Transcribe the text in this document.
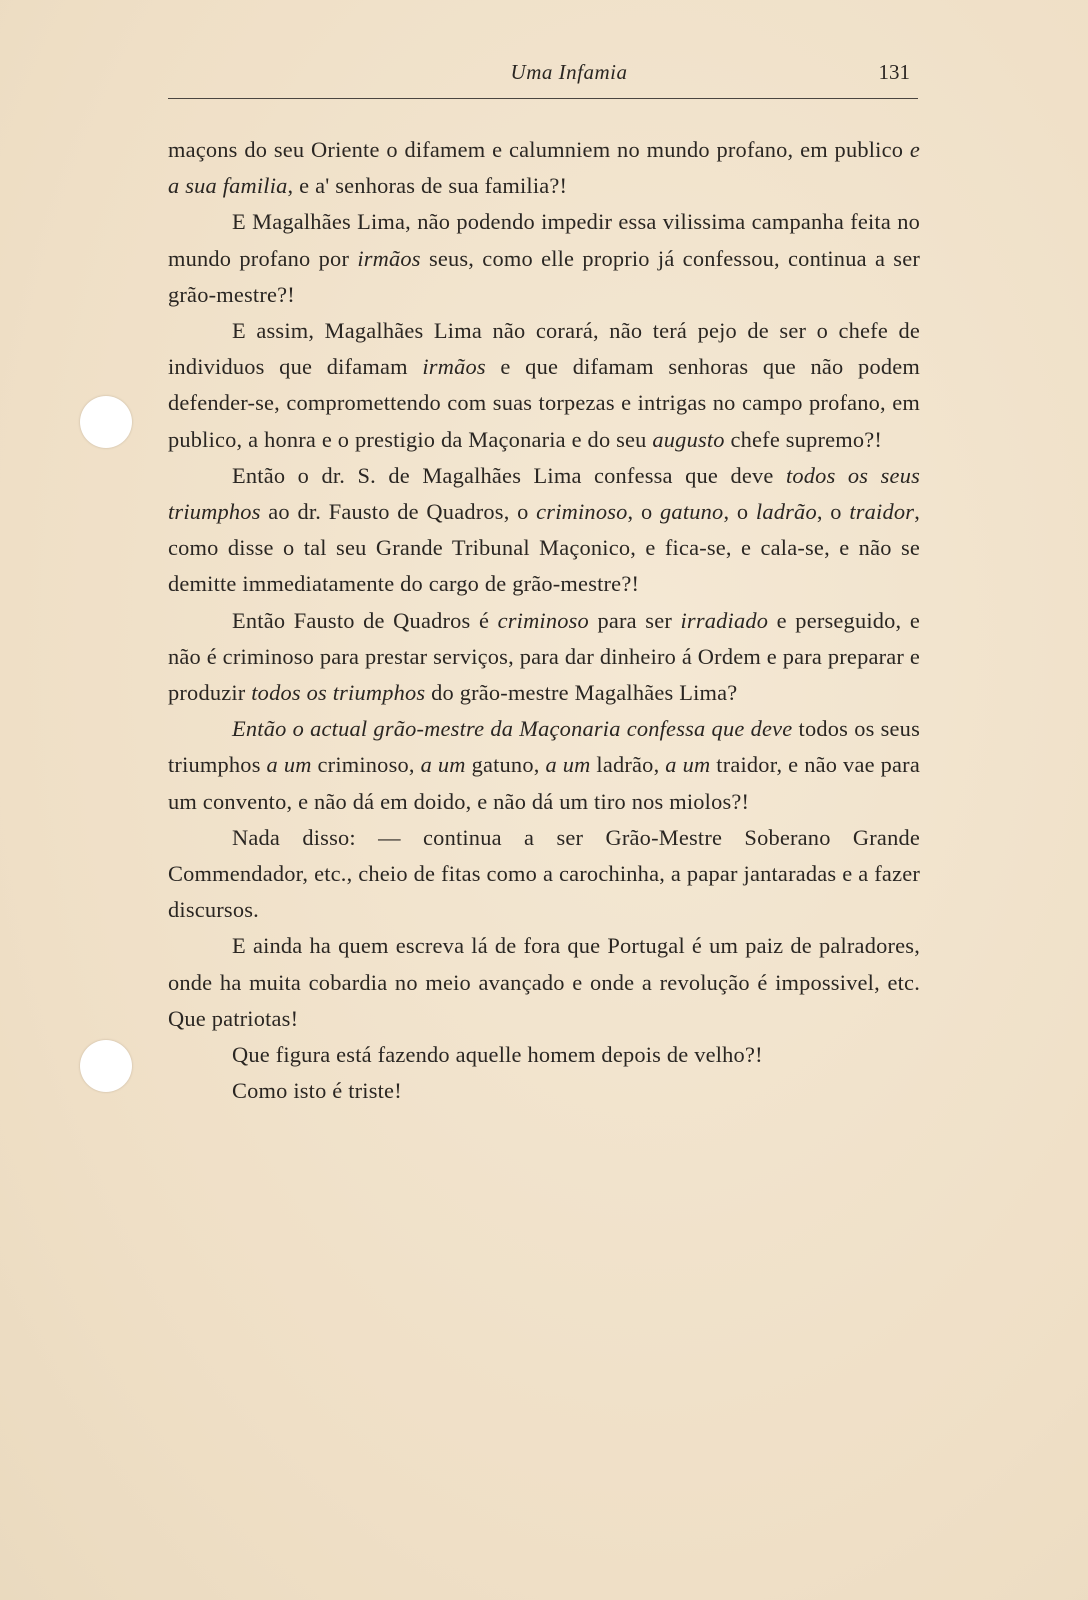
Uma Infamia	131

maçons do seu Oriente o difamem e calumniem no mundo profano, em publico e a sua familia, e a' senhoras de sua familia?!

E Magalhães Lima, não podendo impedir essa vilissima campanha feita no mundo profano por irmãos seus, como elle proprio já confessou, continua a ser grão-mestre?!

E assim, Magalhães Lima não corará, não terá pejo de ser o chefe de individuos que difamam irmãos e que difamam senhoras que não podem defender-se, compromettendo com suas torpezas e intrigas no campo profano, em publico, a honra e o prestigio da Maçonaria e do seu augusto chefe supremo?!

Então o dr. S. de Magalhães Lima confessa que deve todos os seus triumphos ao dr. Fausto de Quadros, o criminoso, o gatuno, o ladrão, o traidor, como disse o tal seu Grande Tribunal Maçonico, e fica-se, e cala-se, e não se demitte immediatamente do cargo de grão-mestre?!

Então Fausto de Quadros é criminoso para ser irradiado e perseguido, e não é criminoso para prestar serviços, para dar dinheiro á Ordem e para preparar e produzir todos os triumphos do grão-mestre Magalhães Lima?

Então o actual grão-mestre da Maçonaria confessa que deve todos os seus triumphos a um criminoso, a um gatuno, a um ladrão, a um traidor, e não vae para um convento, e não dá em doido, e não dá um tiro nos miolos?!

Nada disso: — continua a ser Grão-Mestre Soberano Grande Commendador, etc., cheio de fitas como a carochinha, a papar jantaradas e a fazer discursos.

E ainda ha quem escreva lá de fora que Portugal é um paiz de palradores, onde ha muita cobardia no meio avançado e onde a revolução é impossivel, etc. Que patriotas!

Que figura está fazendo aquelle homem depois de velho?!

Como isto é triste!
